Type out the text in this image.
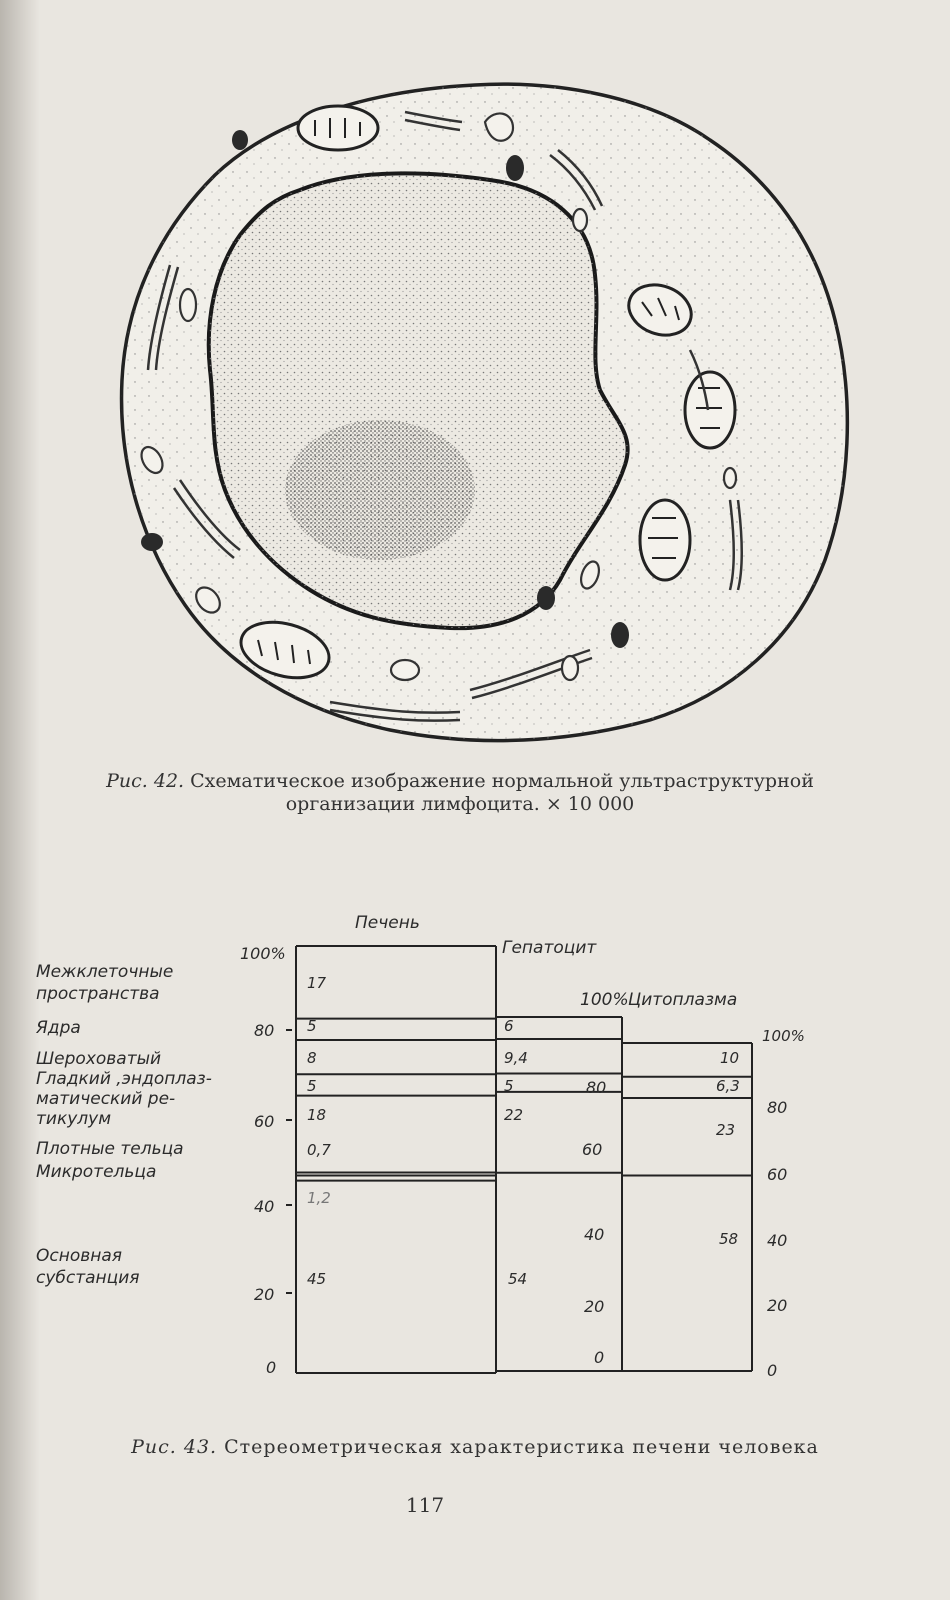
Рис. 42. Схематическое изображение нормальной ультраструктурной
организации лимфоцита. × 10 000
Печень
Гепатоцит
100% Цитоплазма
100%
Межклеточные
пространства
Ядра
Шероховатый
Гладкий ,эндоплаз-
матический ре-
тикулум
Плотные тельца
Микротельца
Основная
субстанция
100%
80
60
40
20
0
80
60
40
20
0
80
60
40
20
0
17
5
8
5
18
0,7
1,2
45
6
9,4
5
22
54
10
6,3
23
58
Рис. 43. Стереометрическая характеристика печени человека
117
